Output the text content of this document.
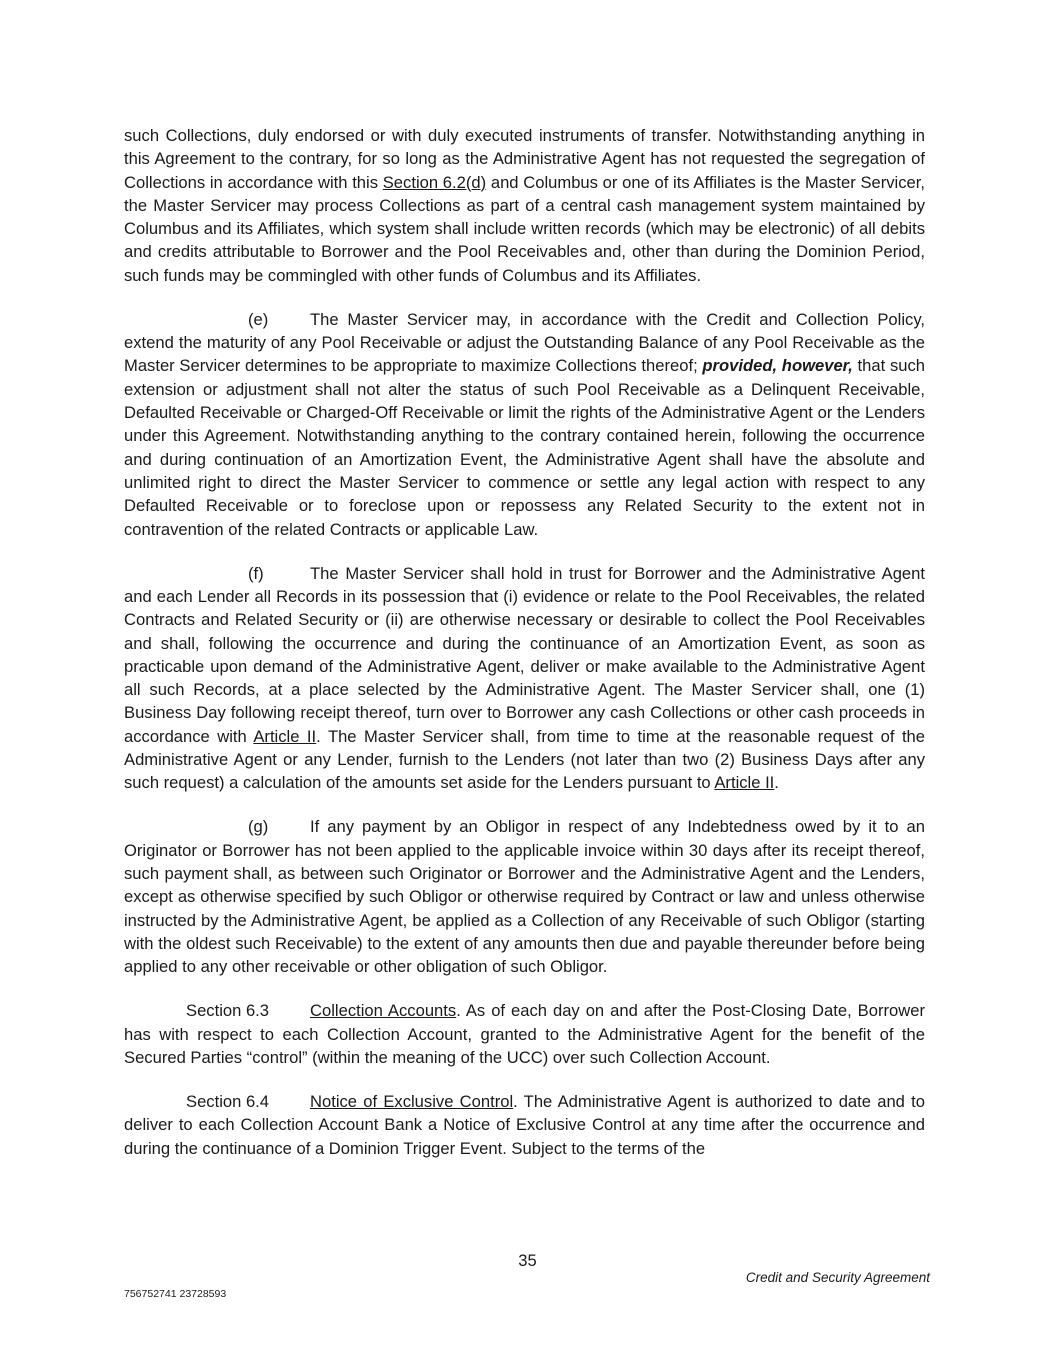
such Collections, duly endorsed or with duly executed instruments of transfer. Notwithstanding anything in this Agreement to the contrary, for so long as the Administrative Agent has not requested the segregation of Collections in accordance with this Section 6.2(d) and Columbus or one of its Affiliates is the Master Servicer, the Master Servicer may process Collections as part of a central cash management system maintained by Columbus and its Affiliates, which system shall include written records (which may be electronic) of all debits and credits attributable to Borrower and the Pool Receivables and, other than during the Dominion Period, such funds may be commingled with other funds of Columbus and its Affiliates.

(e)	The Master Servicer may, in accordance with the Credit and Collection Policy, extend the maturity of any Pool Receivable or adjust the Outstanding Balance of any Pool Receivable as the Master Servicer determines to be appropriate to maximize Collections thereof; provided, however, that such extension or adjustment shall not alter the status of such Pool Receivable as a Delinquent Receivable, Defaulted Receivable or Charged-Off Receivable or limit the rights of the Administrative Agent or the Lenders under this Agreement. Notwithstanding anything to the contrary contained herein, following the occurrence and during continuation of an Amortization Event, the Administrative Agent shall have the absolute and unlimited right to direct the Master Servicer to commence or settle any legal action with respect to any Defaulted Receivable or to foreclose upon or repossess any Related Security to the extent not in contravention of the related Contracts or applicable Law.

(f)	The Master Servicer shall hold in trust for Borrower and the Administrative Agent and each Lender all Records in its possession that (i) evidence or relate to the Pool Receivables, the related Contracts and Related Security or (ii) are otherwise necessary or desirable to collect the Pool Receivables and shall, following the occurrence and during the continuance of an Amortization Event, as soon as practicable upon demand of the Administrative Agent, deliver or make available to the Administrative Agent all such Records, at a place selected by the Administrative Agent. The Master Servicer shall, one (1) Business Day following receipt thereof, turn over to Borrower any cash Collections or other cash proceeds in accordance with Article II. The Master Servicer shall, from time to time at the reasonable request of the Administrative Agent or any Lender, furnish to the Lenders (not later than two (2) Business Days after any such request) a calculation of the amounts set aside for the Lenders pursuant to Article II.

(g)	If any payment by an Obligor in respect of any Indebtedness owed by it to an Originator or Borrower has not been applied to the applicable invoice within 30 days after its receipt thereof, such payment shall, as between such Originator or Borrower and the Administrative Agent and the Lenders, except as otherwise specified by such Obligor or otherwise required by Contract or law and unless otherwise instructed by the Administrative Agent, be applied as a Collection of any Receivable of such Obligor (starting with the oldest such Receivable) to the extent of any amounts then due and payable thereunder before being applied to any other receivable or other obligation of such Obligor.

Section 6.3 Collection Accounts. As of each day on and after the Post-Closing Date, Borrower has with respect to each Collection Account, granted to the Administrative Agent for the benefit of the Secured Parties “control” (within the meaning of the UCC) over such Collection Account.

Section 6.4 Notice of Exclusive Control. The Administrative Agent is authorized to date and to deliver to each Collection Account Bank a Notice of Exclusive Control at any time after the occurrence and during the continuance of a Dominion Trigger Event. Subject to the terms of the

35
Credit and Security Agreement
756752741 23728593
